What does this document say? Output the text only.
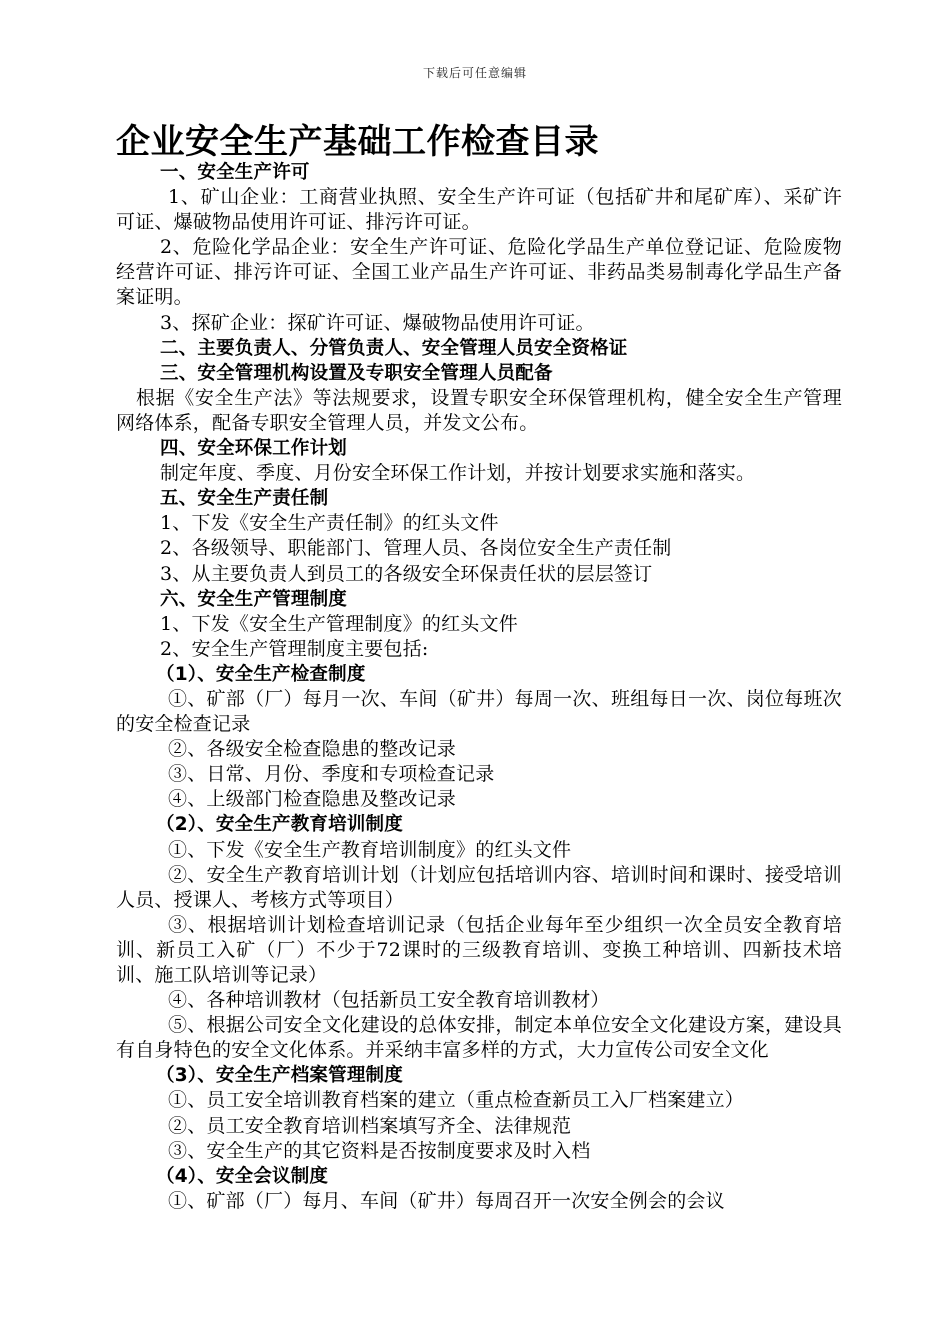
下载后可任意编辑
企业安全生产基础工作检查目录

一、安全生产许可

1、矿山企业：工商营业执照、安全生产许可证（包括矿井和尾矿库）、采矿许可证、爆破物品使用许可证、排污许可证。

2、危险化学品企业：安全生产许可证、危险化学品生产单位登记证、危险废物经营许可证、排污许可证、全国工业产品生产许可证、非药品类易制毒化学品生产备案证明。

3、探矿企业：探矿许可证、爆破物品使用许可证。

二、主要负责人、分管负责人、安全管理人员安全资格证

三、安全管理机构设置及专职安全管理人员配备

根据《安全生产法》等法规要求，设置专职安全环保管理机构，健全安全生产管理网络体系，配备专职安全管理人员，并发文公布。

四、安全环保工作计划

制定年度、季度、月份安全环保工作计划，并按计划要求实施和落实。

五、安全生产责任制

1、下发《安全生产责任制》的红头文件

2、各级领导、职能部门、管理人员、各岗位安全生产责任制

3、从主要负责人到员工的各级安全环保责任状的层层签订

六、安全生产管理制度

1、下发《安全生产管理制度》的红头文件

2、安全生产管理制度主要包括:

（1）、安全生产检查制度

①、矿部（厂）每月一次、车间（矿井）每周一次、班组每日一次、岗位每班次的安全检查记录

②、各级安全检查隐患的整改记录

③、日常、月份、季度和专项检查记录

④、上级部门检查隐患及整改记录

（2）、安全生产教育培训制度

①、下发《安全生产教育培训制度》的红头文件

②、安全生产教育培训计划（计划应包括培训内容、培训时间和课时、接受培训人员、授课人、考核方式等项目）

③、根据培训计划检查培训记录（包括企业每年至少组织一次全员安全教育培训、新员工入矿（厂）不少于72课时的三级教育培训、变换工种培训、四新技术培训、施工队培训等记录）

④、各种培训教材（包括新员工安全教育培训教材）

⑤、根据公司安全文化建设的总体安排，制定本单位安全文化建设方案，建设具有自身特色的安全文化体系。并采纳丰富多样的方式，大力宣传公司安全文化

（3）、安全生产档案管理制度

①、员工安全培训教育档案的建立（重点检查新员工入厂档案建立）

②、员工安全教育培训档案填写齐全、法律规范

③、安全生产的其它资料是否按制度要求及时入档

（4）、安全会议制度

①、矿部（厂）每月、车间（矿井）每周召开一次安全例会的会议
